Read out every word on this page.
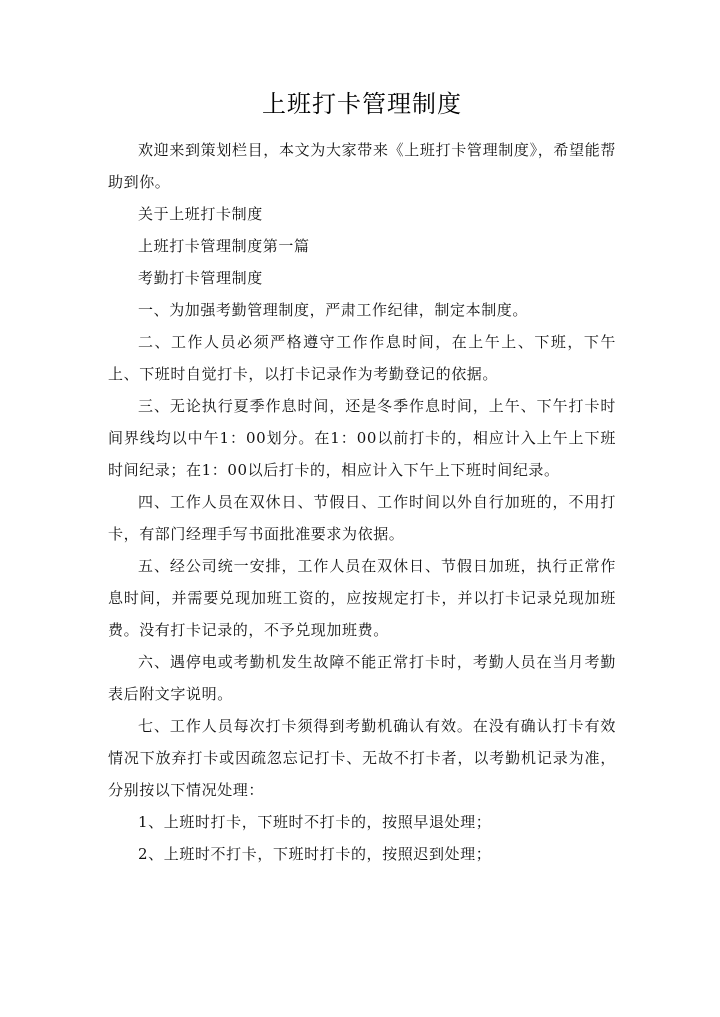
上班打卡管理制度

欢迎来到策划栏目，本文为大家带来《上班打卡管理制度》，希望能帮助到你。

关于上班打卡制度

上班打卡管理制度第一篇

考勤打卡管理制度

一、为加强考勤管理制度，严肃工作纪律，制定本制度。

二、工作人员必须严格遵守工作作息时间，在上午上、下班，下午上、下班时自觉打卡，以打卡记录作为考勤登记的依据。

三、无论执行夏季作息时间，还是冬季作息时间，上午、下午打卡时间界线均以中午1：00划分。在1：00以前打卡的，相应计入上午上下班时间纪录；在1：00以后打卡的，相应计入下午上下班时间纪录。

四、工作人员在双休日、节假日、工作时间以外自行加班的，不用打卡，有部门经理手写书面批准要求为依据。

五、经公司统一安排，工作人员在双休日、节假日加班，执行正常作息时间，并需要兑现加班工资的，应按规定打卡，并以打卡记录兑现加班费。没有打卡记录的，不予兑现加班费。

六、遇停电或考勤机发生故障不能正常打卡时，考勤人员在当月考勤表后附文字说明。

七、工作人员每次打卡须得到考勤机确认有效。在没有确认打卡有效情况下放弃打卡或因疏忽忘记打卡、无故不打卡者，以考勤机记录为准，分别按以下情况处理：

1、上班时打卡，下班时不打卡的，按照早退处理；

2、上班时不打卡，下班时打卡的，按照迟到处理；
